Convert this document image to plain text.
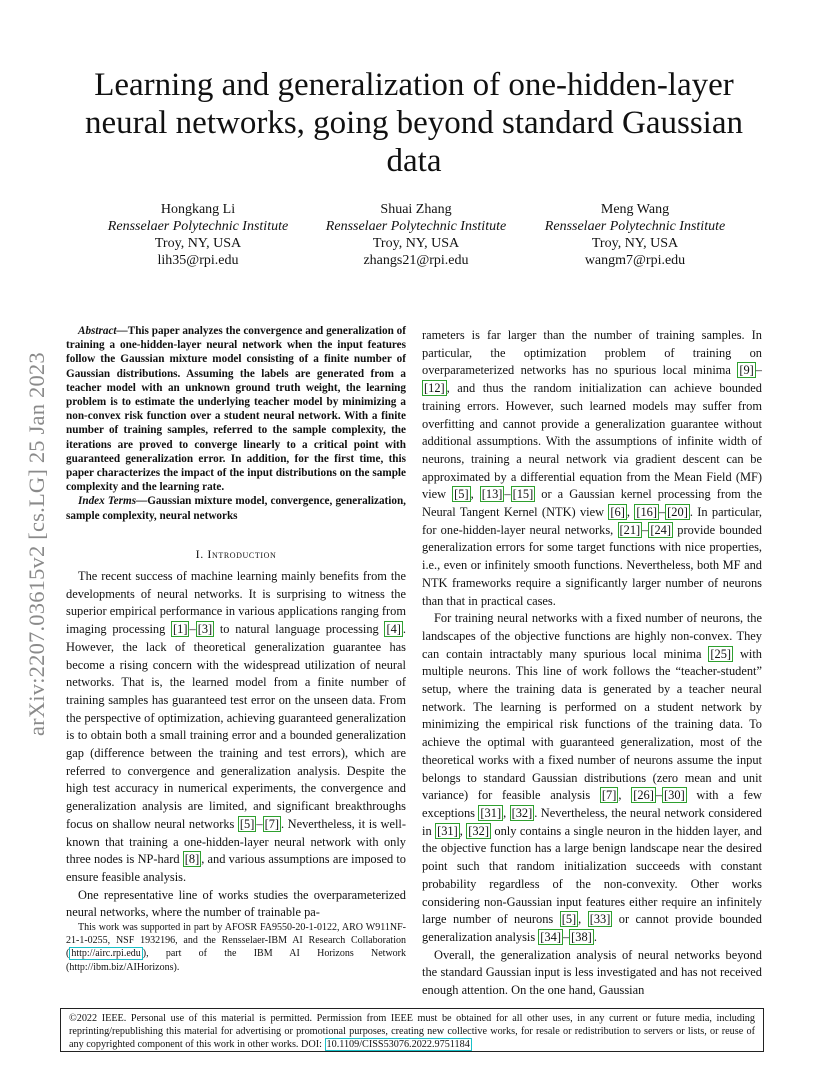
Learning and generalization of one-hidden-layer neural networks, going beyond standard Gaussian data
Hongkang Li
Rensselaer Polytechnic Institute
Troy, NY, USA
lih35@rpi.edu
Shuai Zhang
Rensselaer Polytechnic Institute
Troy, NY, USA
zhangs21@rpi.edu
Meng Wang
Rensselaer Polytechnic Institute
Troy, NY, USA
wangm7@rpi.edu
arXiv:2207.03615v2 [cs.LG] 25 Jan 2023

Abstract—This paper analyzes the convergence and generalization of training a one-hidden-layer neural network when the input features follow the Gaussian mixture model consisting of a finite number of Gaussian distributions. Assuming the labels are generated from a teacher model with an unknown ground truth weight, the learning problem is to estimate the underlying teacher model by minimizing a non-convex risk function over a student neural network. With a finite number of training samples, referred to the sample complexity, the iterations are proved to converge linearly to a critical point with guaranteed generalization error. In addition, for the first time, this paper characterizes the impact of the input distributions on the sample complexity and the learning rate.

Index Terms—Gaussian mixture model, convergence, generalization, sample complexity, neural networks

I. Introduction

The recent success of machine learning mainly benefits from the developments of neural networks. It is surprising to witness the superior empirical performance in various applications ranging from imaging processing [1] – [3] to natural language processing [4] . However, the lack of theoretical generalization guarantee has become a rising concern with the widespread utilization of neural networks. That is, the learned model from a finite number of training samples has guaranteed test error on the unseen data. From the perspective of optimization, achieving guaranteed generalization is to obtain both a small training error and a bounded generalization gap (difference between the training and test errors), which are referred to convergence and generalization analysis. Despite the high test accuracy in numerical experiments, the convergence and generalization analysis are limited, and significant breakthroughs focus on shallow neural networks [5] – [7] . Nevertheless, it is well-known that training a one-hidden-layer neural network with only three nodes is NP-hard [8] , and various assumptions are imposed to ensure feasible analysis.

One representative line of works studies the overparameterized neural networks, where the number of trainable pa-

rameters is far larger than the number of training samples. In particular, the optimization problem of training on overparameterized networks has no spurious local minima [9] –[12] , and thus the random initialization can achieve bounded training errors. However, such learned models may suffer from overfitting and cannot provide a generalization guarantee without additional assumptions. With the assumptions of infinite width of neurons, training a neural network via gradient descent can be approximated by a differential equation from the Mean Field (MF) view [5] , [13] – [15] or a Gaussian kernel processing from the Neural Tangent Kernel (NTK) view [6] , [16] – [20] . In particular, for one-hidden-layer neural networks, [21] – [24] provide bounded generalization errors for some target functions with nice properties, i.e., even or infinitely smooth functions. Nevertheless, both MF and NTK frameworks require a significantly larger number of neurons than that in practical cases.

For training neural networks with a fixed number of neurons, the landscapes of the objective functions are highly non-convex. They can contain intractably many spurious local minima [25] with multiple neurons. This line of work follows the “teacher-student” setup, where the training data is generated by a teacher neural network. The learning is performed on a student network by minimizing the empirical risk functions of the training data. To achieve the optimal with guaranteed generalization, most of the theoretical works with a fixed number of neurons assume the input belongs to standard Gaussian distributions (zero mean and unit variance) for feasible analysis [7] , [26] – [30] with a few exceptions [31] , [32] . Nevertheless, the neural network considered in [31] , [32] only contains a single neuron in the hidden layer, and the objective function has a large benign landscape near the desired point such that random initialization succeeds with constant probability regardless of the non-convexity. Other works considering non-Gaussian input features either require an infinitely large number of neurons [5] , [33] or cannot provide bounded generalization analysis [34] – [38] .

Overall, the generalization analysis of neural networks beyond the standard Gaussian input is less investigated and has not received enough attention. On the one hand, Gaussian

This work was supported in part by AFOSR FA9550-20-1-0122, ARO W911NF-21-1-0255, NSF 1932196, and the Rensselaer-IBM AI Research Collaboration ( http://airc.rpi.edu ), part of the IBM AI Horizons Network (http://ibm.biz/AIHorizons).

©2022 IEEE. Personal use of this material is permitted. Permission from IEEE must be obtained for all other uses, in any current or future media, including reprinting/republishing this material for advertising or promotional purposes, creating new collective works, for resale or redistribution to servers or lists, or reuse of any copyrighted component of this work in other works. DOI: 10.1109/CISS53076.2022.9751184
